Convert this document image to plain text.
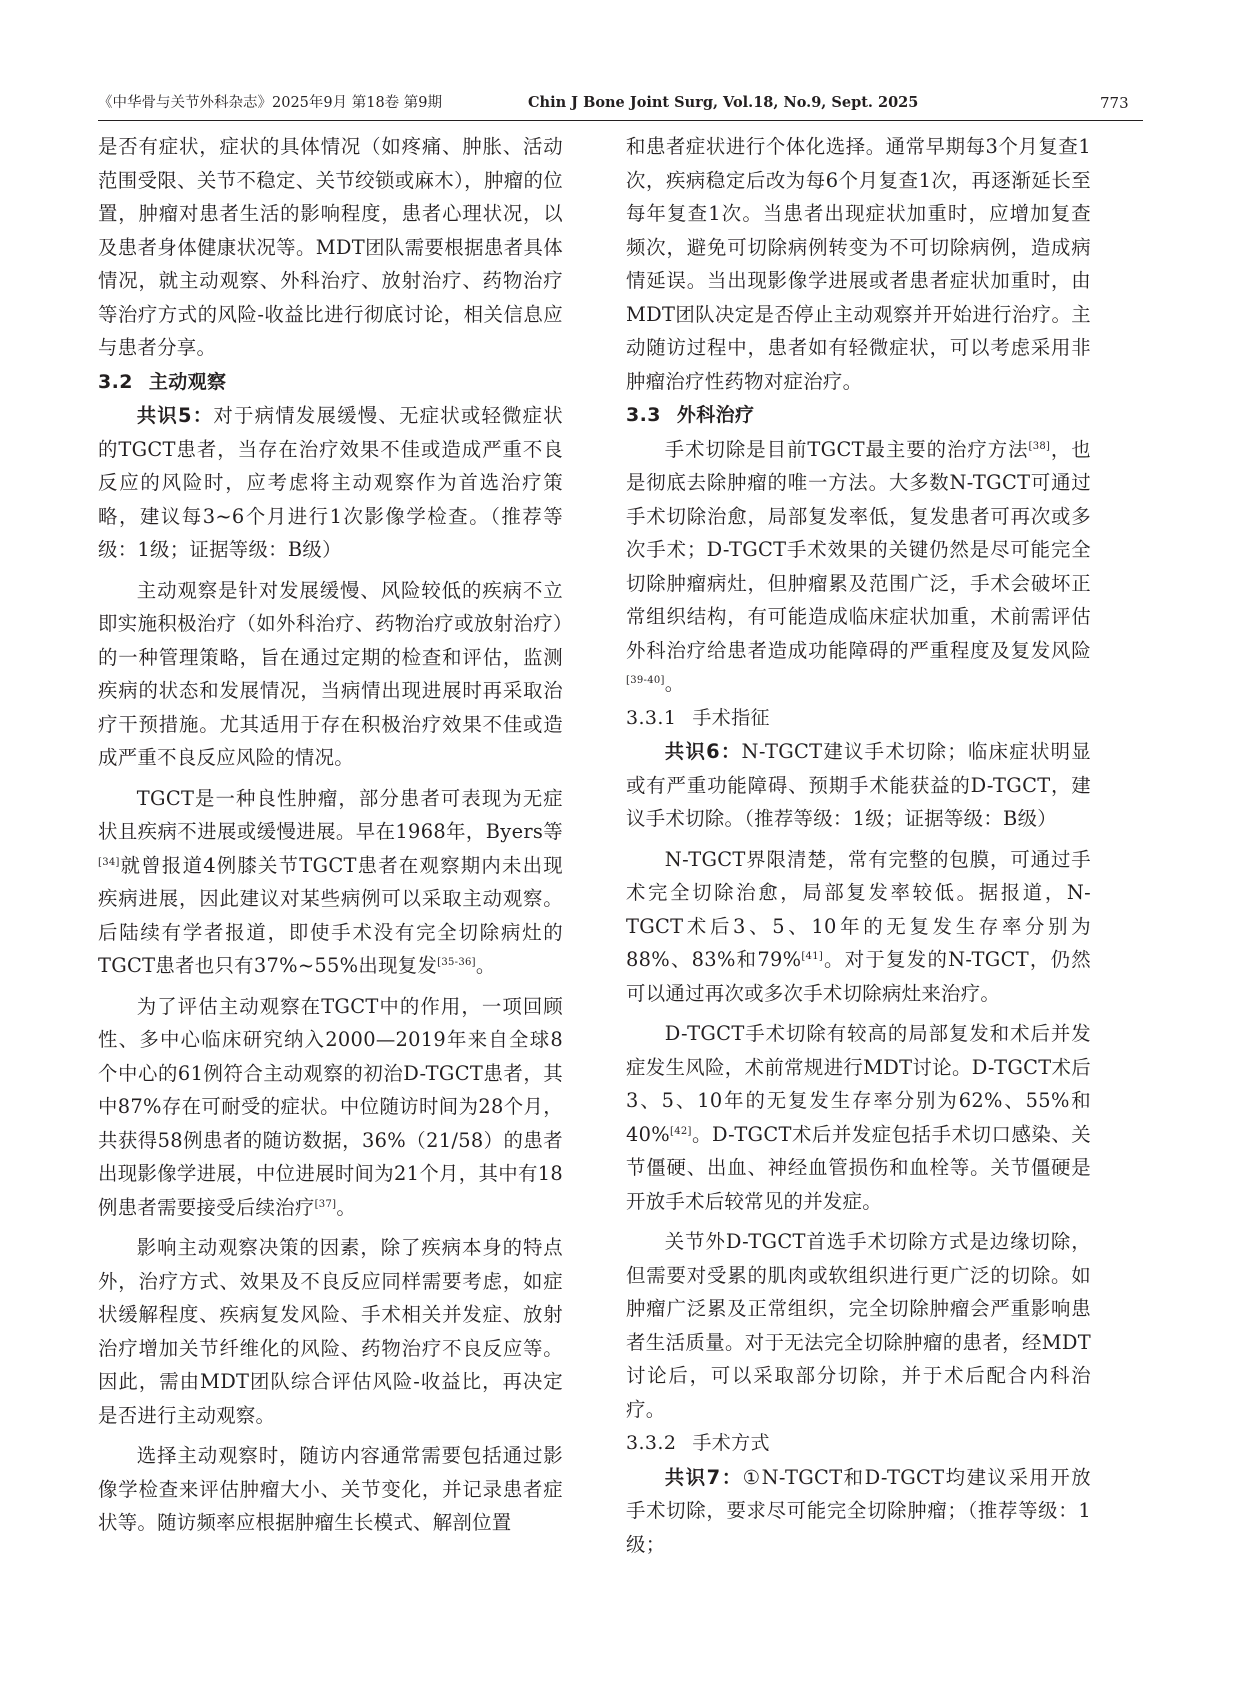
《中华骨与关节外科杂志》2025年9月 第18卷 第9期	Chin J Bone Joint Surg, Vol.18, No.9, Sept. 2025	773

是否有症状，症状的具体情况（如疼痛、肿胀、活动范围受限、关节不稳定、关节绞锁或麻木），肿瘤的位置，肿瘤对患者生活的影响程度，患者心理状况，以及患者身体健康状况等。MDT团队需要根据患者具体情况，就主动观察、外科治疗、放射治疗、药物治疗等治疗方式的风险-收益比进行彻底讨论，相关信息应与患者分享。

3.2 主动观察

共识5：对于病情发展缓慢、无症状或轻微症状的TGCT患者，当存在治疗效果不佳或造成严重不良反应的风险时，应考虑将主动观察作为首选治疗策略，建议每3~6个月进行1次影像学检查。（推荐等级：1级；证据等级：B级）

主动观察是针对发展缓慢、风险较低的疾病不立即实施积极治疗（如外科治疗、药物治疗或放射治疗）的一种管理策略，旨在通过定期的检查和评估，监测疾病的状态和发展情况，当病情出现进展时再采取治疗干预措施。尤其适用于存在积极治疗效果不佳或造成严重不良反应风险的情况。

TGCT是一种良性肿瘤，部分患者可表现为无症状且疾病不进展或缓慢进展。早在1968年，Byers等[34]就曾报道4例膝关节TGCT患者在观察期内未出现疾病进展，因此建议对某些病例可以采取主动观察。后陆续有学者报道，即使手术没有完全切除病灶的TGCT患者也只有37%~55%出现复发[35-36]。

为了评估主动观察在TGCT中的作用，一项回顾性、多中心临床研究纳入2000—2019年来自全球8个中心的61例符合主动观察的初治D-TGCT患者，其中87%存在可耐受的症状。中位随访时间为28个月，共获得58例患者的随访数据，36%（21/58）的患者出现影像学进展，中位进展时间为21个月，其中有18例患者需要接受后续治疗[37]。

影响主动观察决策的因素，除了疾病本身的特点外，治疗方式、效果及不良反应同样需要考虑，如症状缓解程度、疾病复发风险、手术相关并发症、放射治疗增加关节纤维化的风险、药物治疗不良反应等。因此，需由MDT团队综合评估风险-收益比，再决定是否进行主动观察。

选择主动观察时，随访内容通常需要包括通过影像学检查来评估肿瘤大小、关节变化，并记录患者症状等。随访频率应根据肿瘤生长模式、解剖位置

和患者症状进行个体化选择。通常早期每3个月复查1次，疾病稳定后改为每6个月复查1次，再逐渐延长至每年复查1次。当患者出现症状加重时，应增加复查频次，避免可切除病例转变为不可切除病例，造成病情延误。当出现影像学进展或者患者症状加重时，由MDT团队决定是否停止主动观察并开始进行治疗。主动随访过程中，患者如有轻微症状，可以考虑采用非肿瘤治疗性药物对症治疗。

3.3 外科治疗

手术切除是目前TGCT最主要的治疗方法[38]，也是彻底去除肿瘤的唯一方法。大多数N-TGCT可通过手术切除治愈，局部复发率低，复发患者可再次或多次手术；D-TGCT手术效果的关键仍然是尽可能完全切除肿瘤病灶，但肿瘤累及范围广泛，手术会破坏正常组织结构，有可能造成临床症状加重，术前需评估外科治疗给患者造成功能障碍的严重程度及复发风险[39-40]。

3.3.1 手术指征

共识6：N-TGCT建议手术切除；临床症状明显或有严重功能障碍、预期手术能获益的D-TGCT，建议手术切除。（推荐等级：1级；证据等级：B级）

N-TGCT界限清楚，常有完整的包膜，可通过手术完全切除治愈，局部复发率较低。据报道，N-TGCT术后3、5、10年的无复发生存率分别为88%、83%和79%[41]。对于复发的N-TGCT，仍然可以通过再次或多次手术切除病灶来治疗。

D-TGCT手术切除有较高的局部复发和术后并发症发生风险，术前常规进行MDT讨论。D-TGCT术后3、5、10年的无复发生存率分别为62%、55%和40%[42]。D-TGCT术后并发症包括手术切口感染、关节僵硬、出血、神经血管损伤和血栓等。关节僵硬是开放手术后较常见的并发症。

关节外D-TGCT首选手术切除方式是边缘切除，但需要对受累的肌肉或软组织进行更广泛的切除。如肿瘤广泛累及正常组织，完全切除肿瘤会严重影响患者生活质量。对于无法完全切除肿瘤的患者，经MDT讨论后，可以采取部分切除，并于术后配合内科治疗。

3.3.2 手术方式

共识7：①N-TGCT和D-TGCT均建议采用开放手术切除，要求尽可能完全切除肿瘤；（推荐等级：1级；
